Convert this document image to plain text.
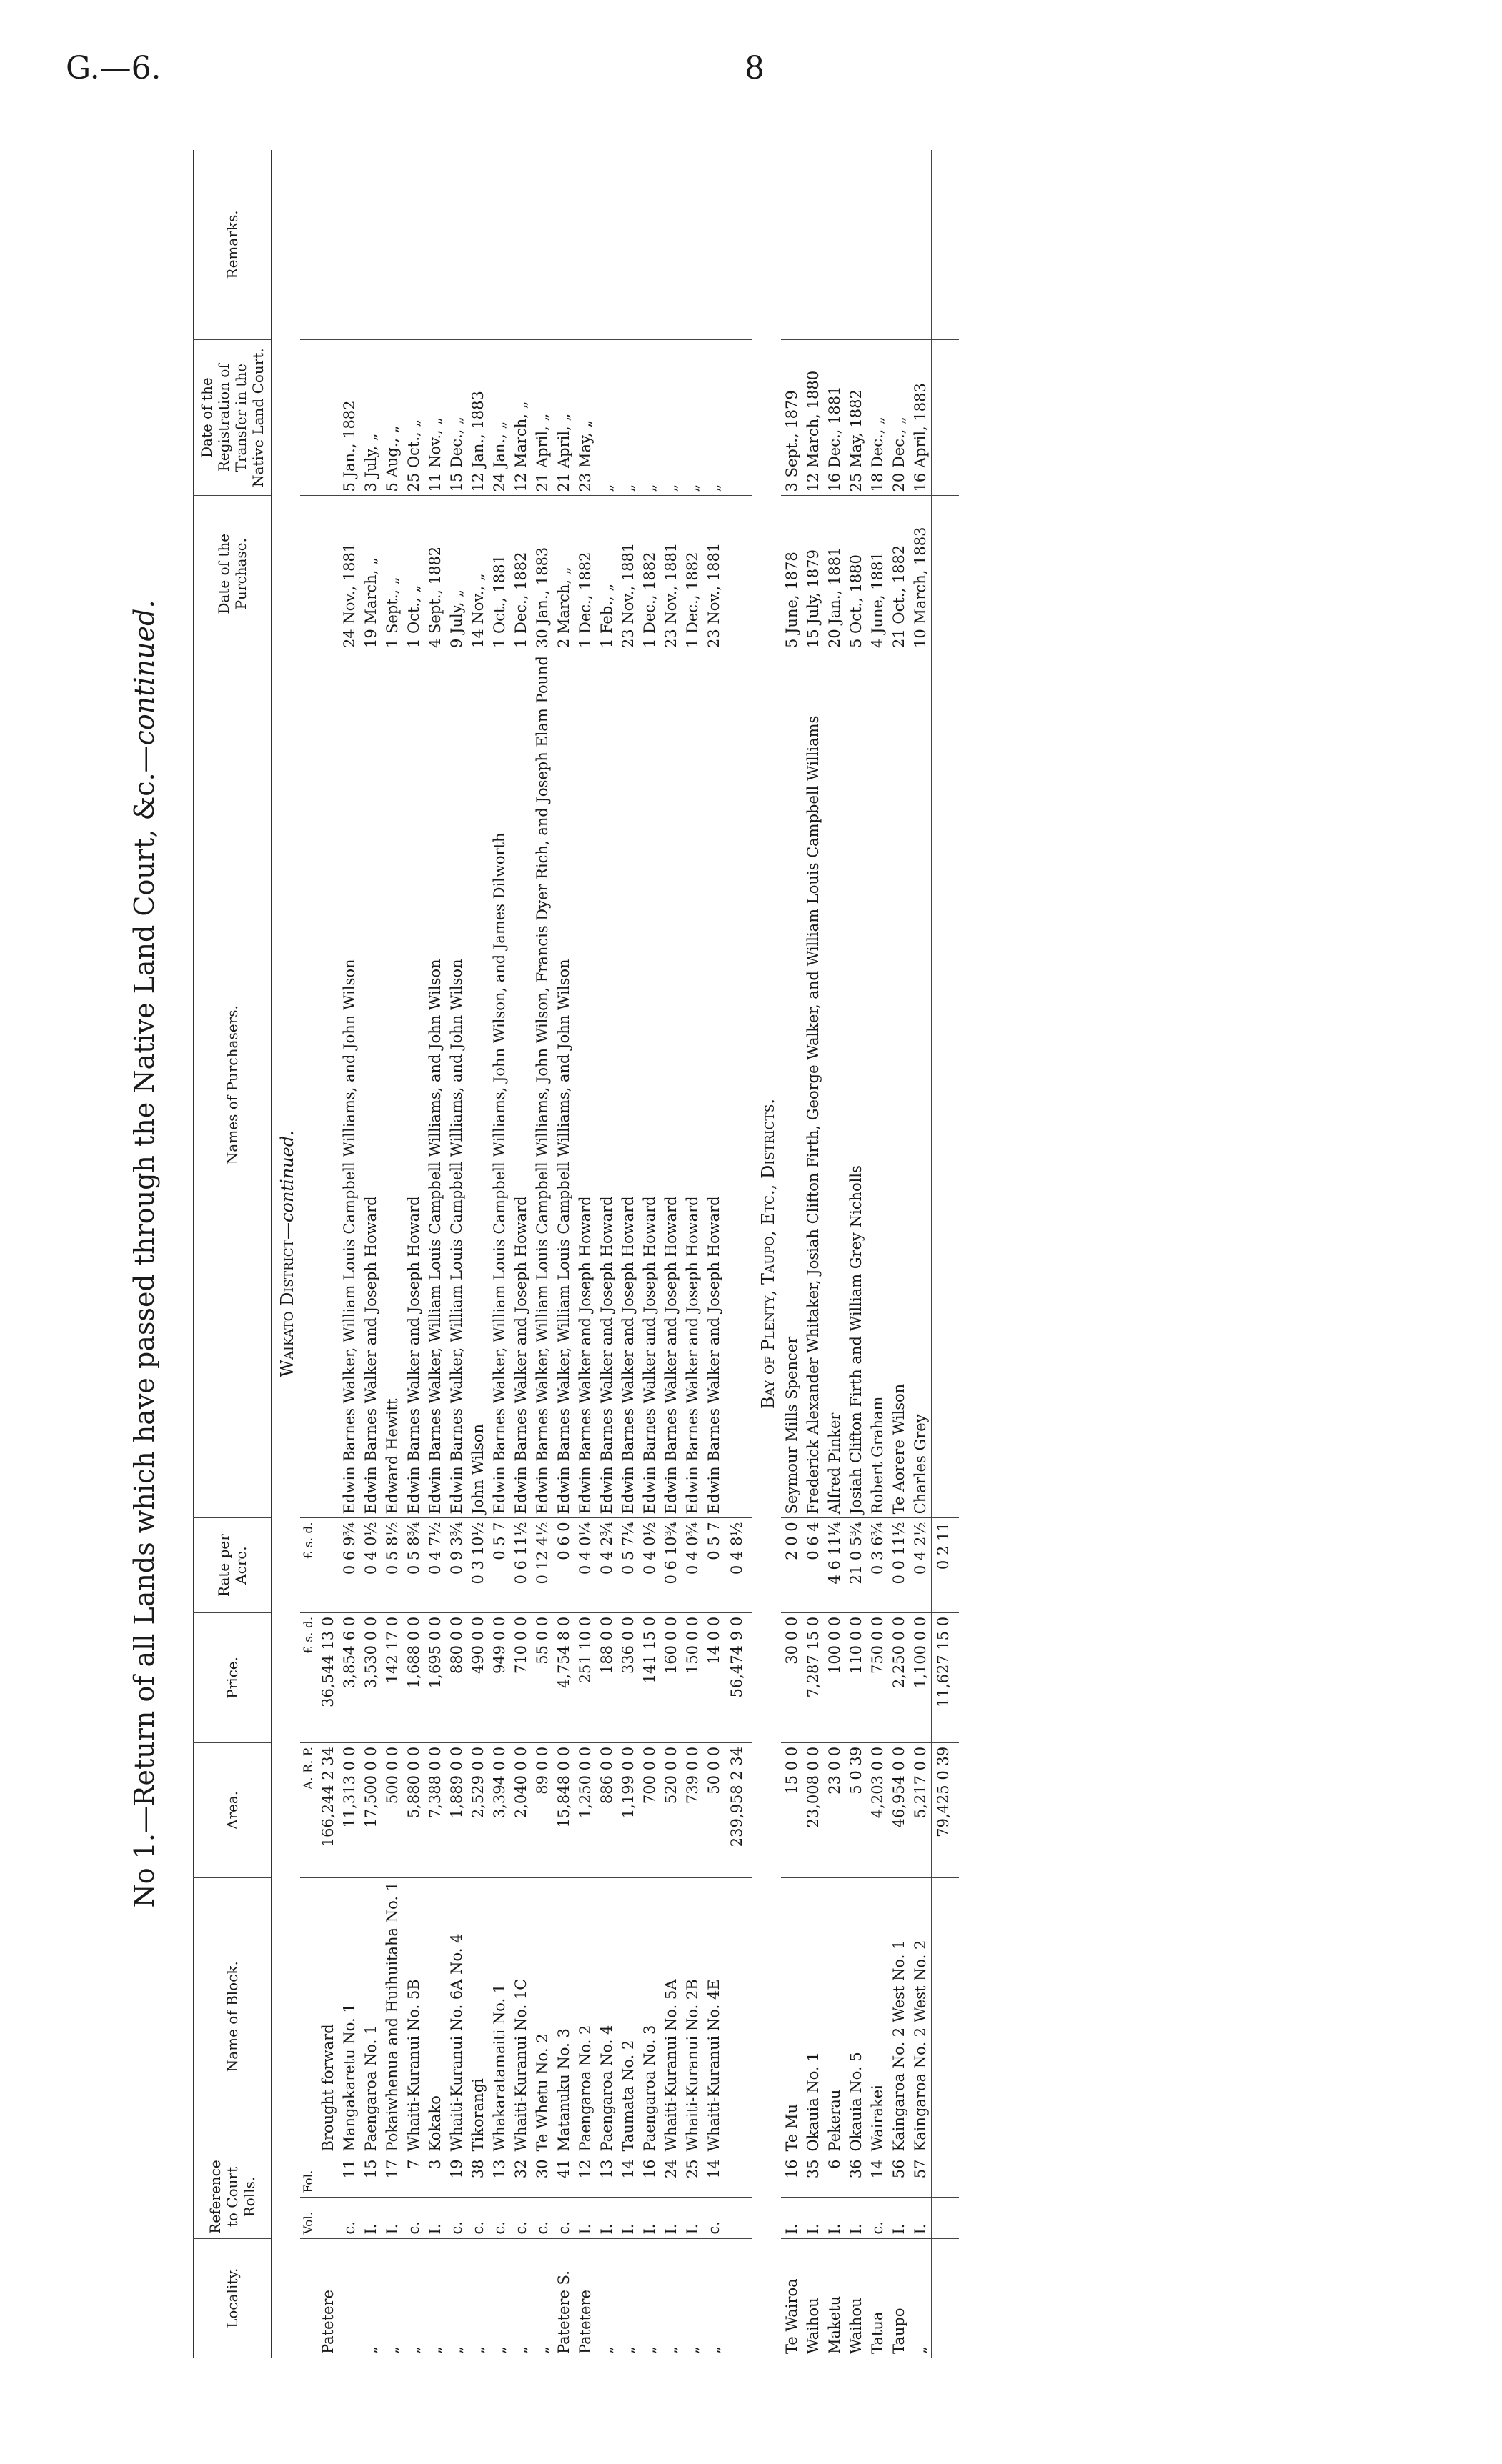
G.—6.	8
No 1.—Return of all Lands which have passed through the Native Land Court, &c.—continued.
Locality.	Reference to Court Rolls.		Name of Block.	Area.	Price.	Rate per Acre.	Names of Purchasers.	Date of the Purchase.	Date of the Registration of Transfer in the Native Land Court.	Remarks.
Waikato District—continued.										
	Vol.	Fol.		A. R. P.	£ s. d.	£ s. d.				
Patetere			Brought forward	166,244 2 34	36,544 13 0					
	c.	11	Mangakaretu No. 1	11,313 0 0	3,854 6 0	0 6 9¾	Edwin Barnes Walker, William Louis Campbell Williams, and John Wilson	24 Nov., 1881	5 Jan., 1882	
„	I.	15	Paengaroa No. 1	17,500 0 0	3,530 0 0	0 4 0½	Edwin Barnes Walker and Joseph Howard	19 March, „	3 July, „	
„	I.	17	Pokaiwhenua and Huihuitaha No. 1	500 0 0	142 17 0	0 5 8½	Edward Hewitt	1 Sept., „	5 Aug., „	
„	c.	7	Whaiti-Kuranui No. 5B	5,880 0 0	1,688 0 0	0 5 8¾	Edwin Barnes Walker and Joseph Howard	1 Oct., „	25 Oct., „	
„	I.	3	Kokako	7,388 0 0	1,695 0 0	0 4 7½	Edwin Barnes Walker, William Louis Campbell Williams, and John Wilson	4 Sept., 1882	11 Nov., „	
„	c.	19	Whaiti-Kuranui No. 6A No. 4	1,889 0 0	880 0 0	0 9 3¾	Edwin Barnes Walker, William Louis Campbell Williams, and John Wilson	9 July, „	15 Dec., „	
„	c.	38	Tikorangi	2,529 0 0	490 0 0	0 3 10½	John Wilson	14 Nov., „	12 Jan., 1883	
„	c.	13	Whakaratamaiti No. 1	3,394 0 0	949 0 0	0 5 7	Edwin Barnes Walker, William Louis Campbell Williams, John Wilson, and James Dilworth	1 Oct., 1881	24 Jan., „	
„	c.	32	Whaiti-Kuranui No. 1C	2,040 0 0	710 0 0	0 6 11½	Edwin Barnes Walker and Joseph Howard	1 Dec., 1882	12 March, „	
„	c.	30	Te Whetu No. 2	89 0 0	55 0 0	0 12 4½	Edwin Barnes Walker, William Louis Campbell Williams, John Wilson, Francis Dyer Rich, and Joseph Elam Pound	30 Jan., 1883	21 April, „	
Patetere S.	c.	41	Matanuku No. 3	15,848 0 0	4,754 8 0	0 6 0	Edwin Barnes Walker, William Louis Campbell Williams, and John Wilson	2 March, „	21 April, „	
Patetere	I.	12	Paengaroa No. 2	1,250 0 0	251 10 0	0 4 0¼	Edwin Barnes Walker and Joseph Howard	1 Dec., 1882	23 May, „	
„	I.	13	Paengaroa No. 4	886 0 0	188 0 0	0 4 2¾	Edwin Barnes Walker and Joseph Howard	1 Feb., „	„	
„	I.	14	Taumata No. 2	1,199 0 0	336 0 0	0 5 7¼	Edwin Barnes Walker and Joseph Howard	23 Nov., 1881	„	
„	I.	16	Paengaroa No. 3	700 0 0	141 15 0	0 4 0½	Edwin Barnes Walker and Joseph Howard	1 Dec., 1882	„	
„	I.	24	Whaiti-Kuranui No. 5A	520 0 0	160 0 0	0 6 10¾	Edwin Barnes Walker and Joseph Howard	23 Nov., 1881	„	
„	I.	25	Whaiti-Kuranui No. 2B	739 0 0	150 0 0	0 4 0¾	Edwin Barnes Walker and Joseph Howard	1 Dec., 1882	„	
„	c.	14	Whaiti-Kuranui No. 4E	50 0 0	14 0 0	0 5 7	Edwin Barnes Walker and Joseph Howard	23 Nov., 1881	„	
				239,958 2 34	56,474 9 0	0 4 8½				
Bay of Plenty, Taupo, Etc., Districts.										
Te Wairoa	I.	16	Te Mu	15 0 0	30 0 0	2 0 0	Seymour Mills Spencer	5 June, 1878	3 Sept., 1879	
Waihou	I.	35	Okauia No. 1	23,008 0 0	7,287 15 0	0 6 4	Frederick Alexander Whitaker, Josiah Clifton Firth, George Walker, and William Louis Campbell Williams	15 July, 1879	12 March, 1880	
Maketu	I.	6	Pekerau	23 0 0	100 0 0	4 6 11¼	Alfred Pinker	20 Jan., 1881	16 Dec., 1881	
Waihou	I.	36	Okauia No. 5	5 0 39	110 0 0	21 0 5¾	Josiah Clifton Firth and William Grey Nicholls	5 Oct., 1880	25 May, 1882	
Tatua	c.	14	Wairakei	4,203 0 0	750 0 0	0 3 6¾	Robert Graham	4 June, 1881	18 Dec., „	
Taupo	I.	56	Kaingaroa No. 2 West No. 1	46,954 0 0	2,250 0 0	0 0 11½	Te Aorere Wilson	21 Oct., 1882	20 Dec., „	
„	I.	57	Kaingaroa No. 2 West No. 2	5,217 0 0	1,100 0 0	0 4 2½	Charles Grey	10 March, 1883	16 April, 1883	
				79,425 0 39	11,627 15 0	0 2 11				
